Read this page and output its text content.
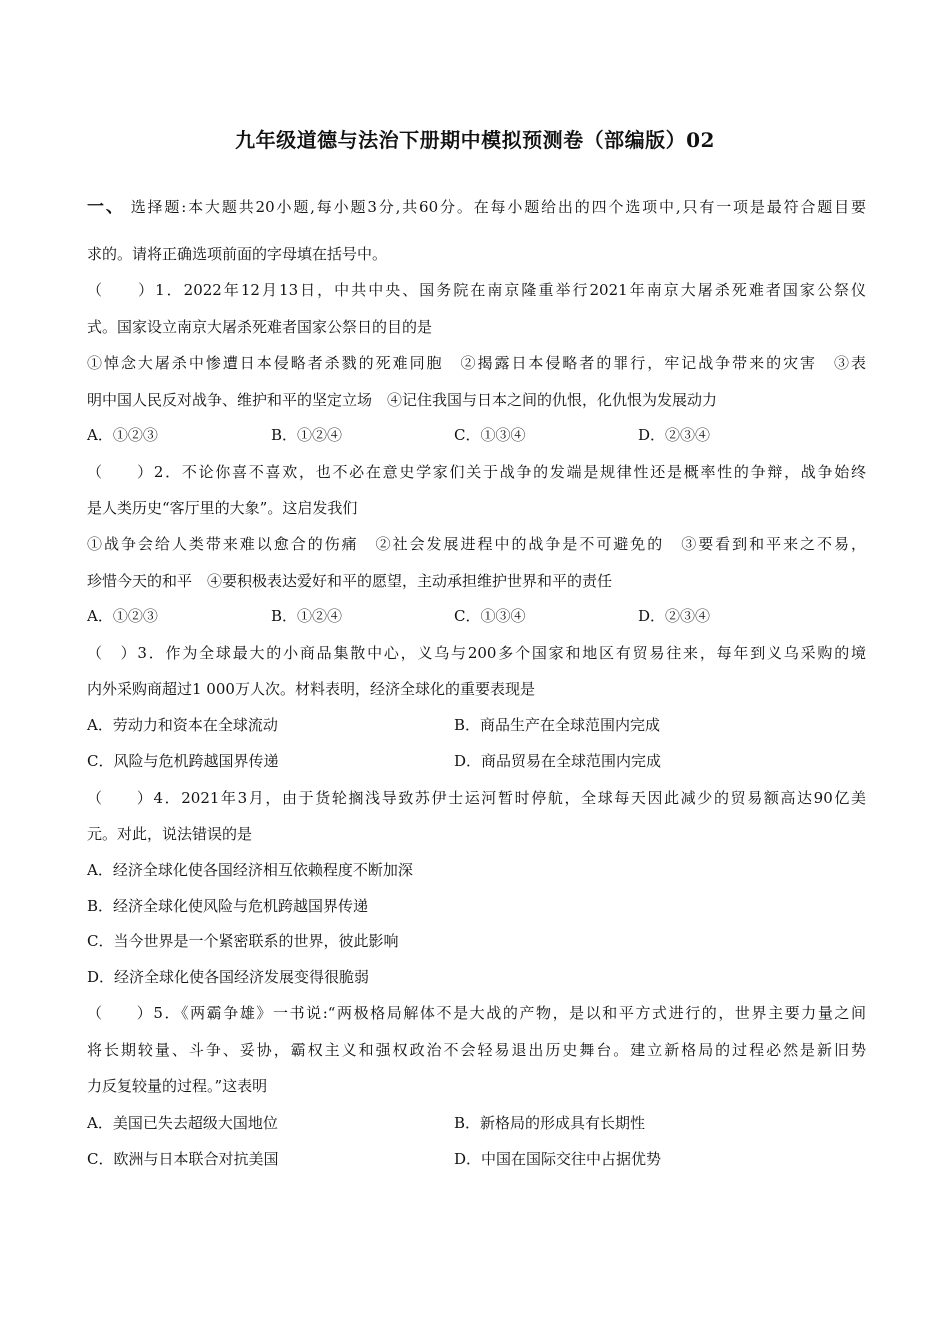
九年级道德与法治下册期中模拟预测卷（部编版）02
一、 选择题:本大题共20小题,每小题3分,共60分。在每小题给出的四个选项中,只有一项是最符合题目要
求的。请将正确选项前面的字母填在括号中。
（　　）1．2022年12月13日，中共中央、国务院在南京隆重举行2021年南京大屠杀死难者国家公祭仪
式。国家设立南京大屠杀死难者国家公祭日的目的是
①悼念大屠杀中惨遭日本侵略者杀戮的死难同胞　②揭露日本侵略者的罪行，牢记战争带来的灾害　③表
明中国人民反对战争、维护和平的坚定立场　④记住我国与日本之间的仇恨，化仇恨为发展动力
A．①②③	B．①②④	C．①③④	D．②③④
（　　）2．不论你喜不喜欢，也不必在意史学家们关于战争的发端是规律性还是概率性的争辩，战争始终
是人类历史“客厅里的大象”。这启发我们
①战争会给人类带来难以愈合的伤痛　②社会发展进程中的战争是不可避免的　③要看到和平来之不易，
珍惜今天的和平　④要积极表达爱好和平的愿望，主动承担维护世界和平的责任
A．①②③	B．①②④	C．①③④	D．②③④
（　）3．作为全球最大的小商品集散中心，义乌与200多个国家和地区有贸易往来，每年到义乌采购的境
内外采购商超过1 000万人次。材料表明，经济全球化的重要表现是
A．劳动力和资本在全球流动	B．商品生产在全球范围内完成
C．风险与危机跨越国界传递	D．商品贸易在全球范围内完成
（　　）4．2021年3月，由于货轮搁浅导致苏伊士运河暂时停航，全球每天因此减少的贸易额高达90亿美
元。对此，说法错误的是
A．经济全球化使各国经济相互依赖程度不断加深
B．经济全球化使风险与危机跨越国界传递
C．当今世界是一个紧密联系的世界，彼此影响
D．经济全球化使各国经济发展变得很脆弱
（　　）5．《两霸争雄》一书说:“两极格局解体不是大战的产物，是以和平方式进行的，世界主要力量之间
将长期较量、斗争、妥协，霸权主义和强权政治不会轻易退出历史舞台。建立新格局的过程必然是新旧势
力反复较量的过程。”这表明
A．美国已失去超级大国地位	B．新格局的形成具有长期性
C．欧洲与日本联合对抗美国	D．中国在国际交往中占据优势
